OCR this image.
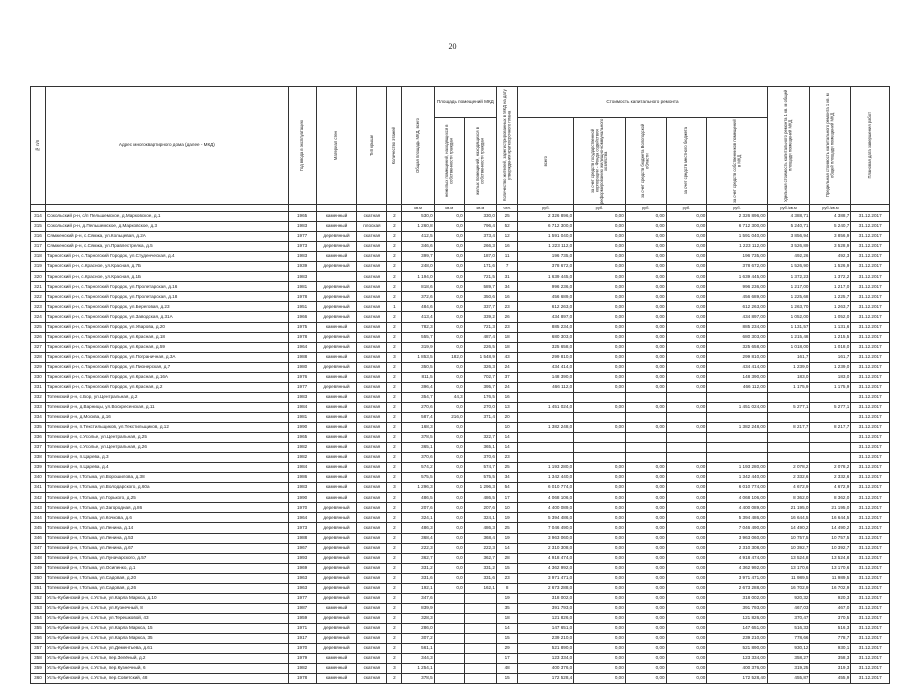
20
№ п/п	Адрес многоквартирного дома (далее - МКД)	Год ввода в эксплуатацию	Материал стен	Тип крыши	Количество этажей	Общая площадь МКД, всего	Площадь помещений МКД		Количество жителей, зарегистрированных в МКД на дату утверждения краткосрочного плана	Стоимость капитального ремонта					Удельная стоимость капитального ремонта 1 кв. м общей площади помещений МКД	Предельная стоимость капитального ремонта 1 кв. м общей площади помещений МКД	Плановая дата завершения работ

							нежилых помещений, находящихся в собственности граждан	жилых помещений, находящихся в собственности граждан		всего	за счет средств государственной корпорации - Фонда содействия реформированию жилищно-коммунального хозяйства	за счет средств бюджета Вологодской области	за счет средств местного бюджета	за счет средств собственников помещений в МКД			

						кв.м	кв.м	кв.м	чел.	руб.	руб.	руб.	руб.	руб.	руб./кв.м	руб./кв.м	
314	Сокольский р-н, с/п Пельшемское, д.Марковское, д.1	1965	каменный	скатная	2	530,0	0,0	330,0	25	2 326 896,0	0,00	0,00	0,00	2 326 896,00	4 388,71	4 388,7	31.12.2017
315	Сокольский р-н, д.Пельшемское, д.Марковское, д.3	1983	каменный	плоская	2	1 260,8	0,0	796,4	52	6 712 300,0	0,00	0,00	0,00	6 712 300,00	5 240,71	5 240,7	31.12.2017
316	Сямженский р-н, с.Сямжа, ул.Кольцевая, д.2А	1977	деревянный	скатная	2	412,5	0,0	373,4	12	1 591 040,0	0,00	0,00	0,00	1 591 040,00	3 856,94	3 856,9	31.12.2017
317	Сямженский р-н, с.Сямжа, ул.Правлестрелка, д.5	1973	деревянный	скатная	2	346,6	0,0	266,3	16	1 223 112,0	0,00	0,00	0,00	1 223 112,00	3 526,89	3 528,9	31.12.2017
318	Тарногский р-н, с.Тарногский Городок, ул.Студенческая, д.4	1983	каменный	скатная	2	399,7	0,0	187,0	11	196 735,0	0,00	0,00	0,00	196 735,00	492,26	492,3	31.12.2017
319	Тарногский р-н, с.Красное, ул.Красная, д.7Б	1939	деревянный	скатная	2	248,0	0,0	171,6	7	378 672,0	0,00	0,00	0,00	378 672,00	1 526,90	1 526,9	31.12.2017
320	Тарногский р-н, с.Красное, ул.Красная, д.1Б	1983		скатная	2	1 194,0	0,0	721,5	31	1 639 445,0	0,00	0,00	0,00	1 639 445,00	1 372,23	1 372,2	31.12.2017
321	Тарногский р-н, с.Тарногский Городок, ул.Пролетарская, д.16	1981	деревянный	скатная	2	818,6	0,0	589,7	34	996 236,0	0,00	0,00	0,00	996 236,00	1 217,00	1 217,0	31.12.2017
322	Тарногский р-н, с.Тарногский Городок, ул.Пролетарская, д.18	1978	деревянный	скатная	2	372,6	0,0	350,6	16	456 689,0	0,00	0,00	0,00	456 689,00	1 225,68	1 225,7	31.12.2017
323	Тарногский р-н, с.Тарногский Городок, ул.Береговая, д.23	1951	деревянный	скатная	1	484,6	0,0	337,7	23	612 263,0	0,00	0,00	0,00	612 263,00	1 263,70	1 263,7	31.12.2017
324	Тарногский р-н, с.Тарногский Городок, ул.Заводская, д.31А	1966	деревянный	скатная	2	413,4	0,0	339,2	26	434 897,0	0,00	0,00	0,00	434 897,00	1 052,00	1 052,0	31.12.2017
325	Тарногский р-н, с.Тарногский Городок, ул.Уварова, д.20	1975	каменный	скатная	2	782,3	0,0	721,3	23	885 234,0	0,00	0,00	0,00	885 234,00	1 131,57	1 131,6	31.12.2017
326	Тарногский р-н, с.Тарногский Городок, ул.Красная, д.18	1978	деревянный	скатная	2	555,7	0,0	487,4	18	680 303,0	0,00	0,00	0,00	680 303,00	1 215,48	1 215,5	31.12.2017
327	Тарногский р-н, с.Тарногский Городок, ул.Красная, д.59	1964	деревянный	скатная	2	319,9	0,0	226,5	18	325 658,0	0,00	0,00	0,00	325 658,00	1 018,00	1 018,0	31.12.2017
328	Тарногский р-н, с.Тарногский Городок, ул.Пограничная, д.3А	1988	каменный	скатная	3	1 853,5	182,0	1 548,9	43	299 810,0	0,00	0,00	0,00	299 810,00	161,7	161,7	31.12.2017
329	Тарногский р-н, с.Тарногский Городок, ул.Пионерская, д.7	1980	деревянный	скатная	2	350,5	0,0	326,3	24	434 414,0	0,00	0,00	0,00	434 414,00	1 239,0	1 239,0	31.12.2017
330	Тарногский р-н, с.Тарногский Городок, ул.Красная, д.16А	1976	каменный	скатная	2	811,5	0,0	702,7	37	148 390,0	0,00	0,00	0,00	148 390,00	183,0	183,0	31.12.2017
331	Тарногский р-н, с.Тарногский Городок, ул.Красная, д.2	1977	деревянный	скатная	2	396,4	0,0	395,7	24	466 112,0	0,00	0,00	0,00	466 112,00	1 175,9	1 175,9	31.12.2017
332	Тотемский р-н, с.Бор, ул.Центральная, д.2	1983	каменный	скатная	2	354,7	44,3	176,5	16								31.12.2017
333	Тотемский р-н, д.Варницы, ул.Воскресенская, д.11	1984	каменный	скатная	2	270,6	0,0	270,0	13	1 451 024,0	0,00	0,00	0,00	1 451 024,00	5 277,1	5 277,1	31.12.2017
334	Тотемский р-н, д.Москва, д.16	1981	каменный	скатная	2	587,4	216,0	371,4	20								31.12.2017
335	Тотемский р-н, п.Текстильщиков, ул.Текстильщиков, д.12	1990	каменный	скатная	2	168,3	0,0		10	1 382 248,0	0,00	0,00	0,00	1 382 248,00	8 217,7	8 217,7	31.12.2017
336	Тотемский р-н, с.Усолье, ул.Центральная, д.25	1965	каменный	скатная	2	378,5	0,0	322,7	14								31.12.2017
337	Тотемский р-н, с.Усолье, ул.Центральная, д.26	1982	каменный	скатная	2	365,1	0,0	365,1	14								31.12.2017
338	Тотемский р-н, п.Царева, д.3	1982	каменный	скатная	2	370,6	0,0	370,6	23								31.12.2017
339	Тотемский р-н, п.Царева, д.4	1984	каменный	скатная	2	574,2	0,0	574,7	25	1 193 280,0	0,00	0,00	0,00	1 193 280,00	2 078,2	2 078,2	31.12.2017
340	Тотемский р-н, г.Тотьма, ул.Ворошилова, д.38	1986	каменный	скатная	2	575,5	0,0	575,5	34	1 342 440,0	0,00	0,00	0,00	1 342 440,00	2 332,6	2 332,6	31.12.2017
341	Тотемский р-н, г.Тотьма, ул.Володарского, д.60а	1983	каменный	скатная	3	1 296,3	0,0	1 296,3	54	6 010 774,0	0,00	0,00	0,00	6 010 774,00	4 672,9	4 672,9	31.12.2017
342	Тотемский р-н, г.Тотьма, ул.Горького, д.25	1990	каменный	скатная	2	486,5	0,0	486,5	17	4 068 106,0	0,00	0,00	0,00	4 068 106,00	8 362,0	8 362,0	31.12.2017
343	Тотемский р-н, г.Тотьма, ул.Загородная, д.86	1970	деревянный	скатная	2	207,6	0,0	207,6	10	4 400 089,0	0,00	0,00	0,00	4 400 089,00	21 195,0	21 195,0	31.12.2017
344	Тотемский р-н, г.Тотьма, ул.Кочкова, д.6	1964	деревянный	скатная	2	324,1	0,0	324,1	19	5 394 486,0	0,00	0,00	0,00	5 394 486,00	16 644,5	16 644,5	31.12.2017
345	Тотемский р-н, г.Тотьма, ул.Ленина, д.14	1973	деревянный	скатная	2	486,3	0,0	486,3	25	7 046 490,0	0,00	0,00	0,00	7 046 490,00	14 490,2	14 490,2	31.12.2017
346	Тотемский р-н, г.Тотьма, ул.Ленина, д.53	1988	деревянный	скатная	2	368,4	0,0	368,4	19	3 963 060,0	0,00	0,00	0,00	3 963 060,00	10 757,5	10 757,5	31.12.2017
347	Тотемский р-н, г.Тотьма, ул.Ленина, д.67	1967	деревянный	скатная	2	222,3	0,0	222,3	14	2 310 308,0	0,00	0,00	0,00	2 310 308,00	10 392,7	10 392,7	31.12.2017
348	Тотемский р-н, г.Тотьма, ул.Луначарского, д.57	1993	деревянный	скатная	2	362,7	0,0	362,7	28	4 918 474,0	0,00	0,00	0,00	4 918 474,00	13 524,8	13 524,8	31.12.2017
349	Тотемский р-н, г.Тотьма, ул.Осипенко, д.1	1969	деревянный	скатная	2	331,2	0,0	331,2	15	4 362 992,0	0,00	0,00	0,00	4 362 992,00	13 170,6	13 170,6	31.12.2017
350	Тотемский р-н, г.Тотьма, ул.Садовая, д.20	1963	деревянный	скатная	2	331,6	0,0	331,6	23	3 971 471,0	0,00	0,00	0,00	3 971 471,00	11 989,5	11 989,5	31.12.2017
351	Тотемский р-н, г.Тотьма, ул.Садовая, д.26	1963	деревянный	скатная	2	192,1	0,0	162,1	8	2 673 288,0	0,00	0,00	0,00	2 673 288,00	16 702,9	16 702,9	31.12.2017
352	Усть-Кубинский р-н, с.Устье, ул.Карла Маркса, д.10	1977	деревянный	скатная	2	347,6			19	318 002,0	0,00	0,00	0,00	318 002,00	920,32	920,3	31.12.2017
353	Усть-Кубинский р-н, с.Устье, ул.Кузнечный, 8	1987	каменный	скатная	2	839,9			35	391 793,0	0,00	0,00	0,00	391 793,00	467,03	467,0	31.12.2017
354	Усть-Кубинский р-н, с.Устье, ул.Терешковой, 43	1959	деревянный	скатная	2	328,3			18	121 826,0	0,00	0,00	0,00	121 826,00	370,47	370,5	31.12.2017
355	Усть-Кубинский р-н, с.Устье, ул.Карла Маркса, 15	1971	деревянный	скатная	2	286,0			14	147 651,0	0,00	0,00	0,00	147 651,00	516,33	516,3	31.12.2017
356	Усть-Кубинский р-н, с.Устье, ул.Карла Маркса, 35	1917	деревянный	скатная	2	307,2			15	239 210,0	0,00	0,00	0,00	239 210,00	778,66	778,7	31.12.2017
357	Усть-Кубинский р-н, с.Устье, ул.Дементьева, д.61	1970	деревянный	скатная	2	561,1			29	521 890,0	0,00	0,00	0,00	521 890,00	930,12	930,1	31.12.2017
358	Усть-Кубинский р-н, с.Устье, пер.Зелёный, д.2	1979	каменный	скатная	2	344,3			17	123 334,0	0,00	0,00	0,00	123 334,00	358,27	358,3	31.12.2017
359	Усть-Кубинский р-н, с.Устье, пер.Кузнечный, 6	1982	каменный	скатная	3	1 254,1			48	400 376,0	0,00	0,00	0,00	400 376,00	319,25	319,3	31.12.2017
360	Усть-Кубинский р-н, с.Устье, пер.Советский, 48	1978	каменный	скатная	2	378,5			15	172 528,4	0,00	0,00	0,00	172 528,40	455,87	455,9	31.12.2017
